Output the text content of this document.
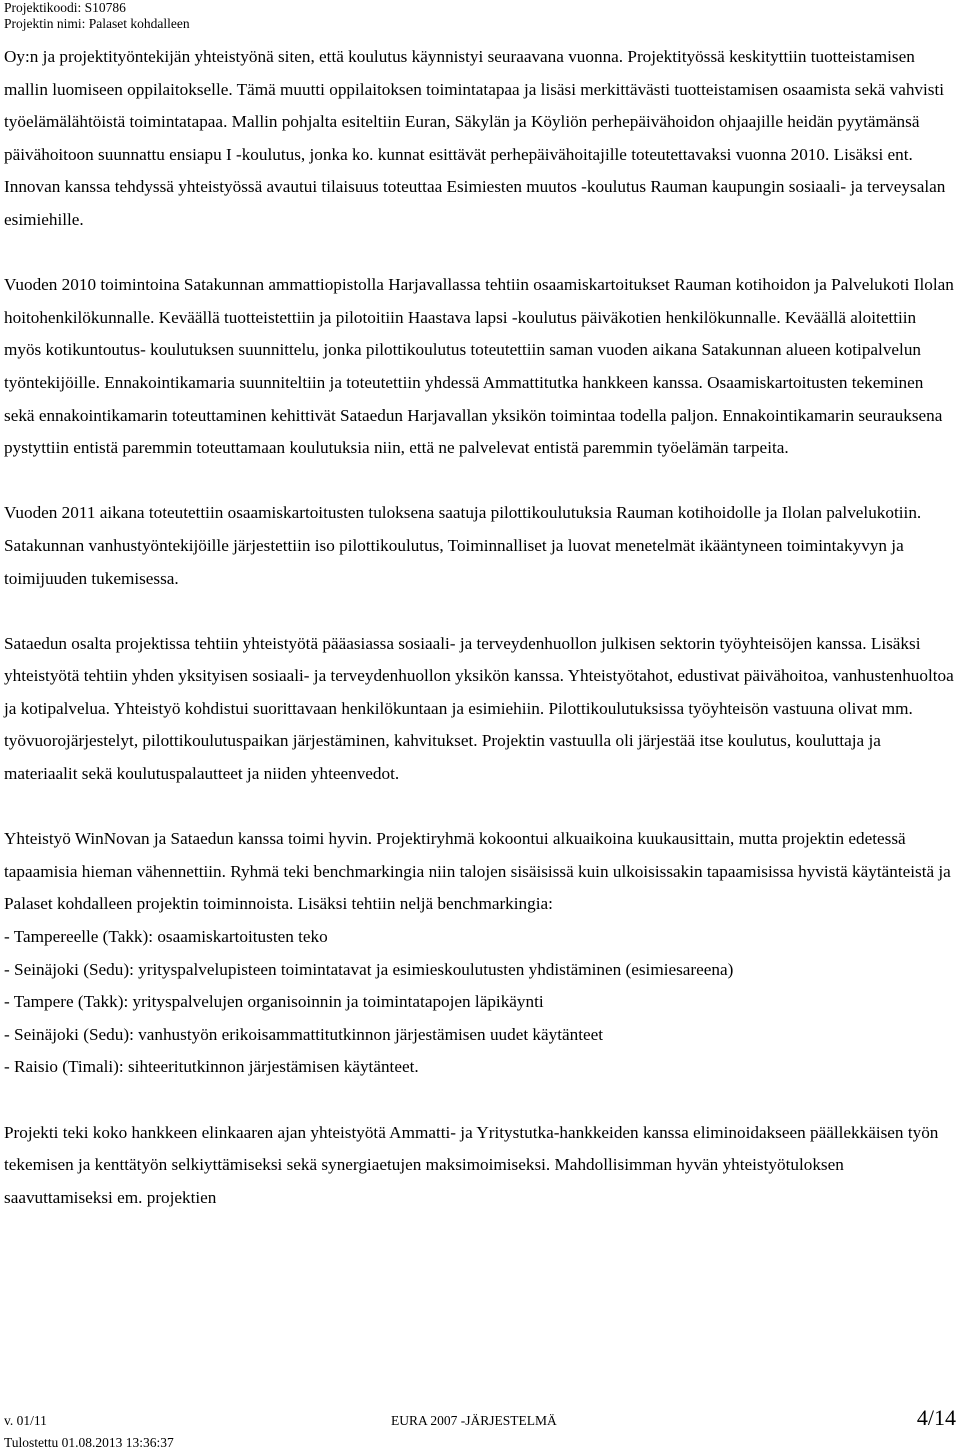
Projektikoodi: S10786
Projektin nimi: Palaset kohdalleen

Oy:n ja projektityöntekijän yhteistyönä siten, että koulutus käynnistyi seuraavana vuonna. Projektityössä keskityttiin tuotteistamisen mallin luomiseen oppilaitokselle. Tämä muutti oppilaitoksen toimintatapaa ja lisäsi merkittävästi tuotteistamisen osaamista sekä vahvisti työelämälähtöistä toimintatapaa. Mallin pohjalta esiteltiin Euran, Säkylän ja Köyliön perhepäivähoidon ohjaajille heidän pyytämänsä päivähoitoon suunnattu ensiapu I -koulutus, jonka ko. kunnat esittävät perhepäivähoitajille toteutettavaksi vuonna 2010. Lisäksi ent. Innovan kanssa tehdyssä yhteistyössä avautui tilaisuus toteuttaa Esimiesten muutos -koulutus Rauman kaupungin sosiaali- ja terveysalan esimiehille.

Vuoden 2010 toimintoina Satakunnan ammattiopistolla Harjavallassa tehtiin osaamiskartoitukset Rauman kotihoidon ja Palvelukoti Ilolan hoitohenkilökunnalle. Keväällä tuotteistettiin ja pilotoitiin Haastava lapsi -koulutus päiväkotien henkilökunnalle. Keväällä aloitettiin myös kotikuntoutus- koulutuksen suunnittelu, jonka pilottikoulutus toteutettiin saman vuoden aikana Satakunnan alueen kotipalvelun työntekijöille. Ennakointikamaria suunniteltiin ja toteutettiin yhdessä Ammattitutka hankkeen kanssa. Osaamiskartoitusten tekeminen sekä ennakointikamarin toteuttaminen kehittivät Sataedun Harjavallan yksikön toimintaa todella paljon. Ennakointikamarin seurauksena pystyttiin entistä paremmin toteuttamaan koulutuksia niin, että ne palvelevat entistä paremmin työelämän tarpeita.

Vuoden 2011 aikana toteutettiin osaamiskartoitusten tuloksena saatuja pilottikoulutuksia Rauman kotihoidolle ja Ilolan palvelukotiin. Satakunnan vanhustyöntekijöille järjestettiin iso pilottikoulutus, Toiminnalliset ja luovat menetelmät ikääntyneen toimintakyvyn ja toimijuuden tukemisessa.

Sataedun osalta projektissa tehtiin yhteistyötä pääasiassa sosiaali- ja terveydenhuollon julkisen sektorin työyhteisöjen kanssa. Lisäksi yhteistyötä tehtiin yhden yksityisen sosiaali- ja terveydenhuollon yksikön kanssa. Yhteistyötahot, edustivat päivähoitoa, vanhustenhuoltoa ja kotipalvelua. Yhteistyö kohdistui suorittavaan henkilökuntaan ja esimiehiin. Pilottikoulutuksissa työyhteisön vastuuna olivat mm. työvuorojärjestelyt, pilottikoulutuspaikan järjestäminen, kahvitukset. Projektin vastuulla oli järjestää itse koulutus, kouluttaja ja materiaalit sekä koulutuspalautteet ja niiden yhteenvedot.

Yhteistyö WinNovan ja Sataedun kanssa toimi hyvin. Projektiryhmä kokoontui alkuaikoina kuukausittain, mutta projektin edetessä tapaamisia hieman vähennettiin. Ryhmä teki benchmarkingia niin talojen sisäisissä kuin ulkoisissakin tapaamisissa hyvistä käytänteistä ja Palaset kohdalleen projektin toiminnoista. Lisäksi tehtiin neljä benchmarkingia:

- Tampereelle (Takk): osaamiskartoitusten teko

- Seinäjoki (Sedu): yrityspalvelupisteen toimintatavat ja esimieskoulutusten yhdistäminen (esimiesareena)

- Tampere (Takk): yrityspalvelujen organisoinnin ja toimintatapojen läpikäynti

- Seinäjoki (Sedu): vanhustyön erikoisammattitutkinnon järjestämisen uudet käytänteet

- Raisio (Timali): sihteeritutkinnon järjestämisen käytänteet.

Projekti teki koko hankkeen elinkaaren ajan yhteistyötä Ammatti- ja Yritystutka-hankkeiden kanssa eliminoidakseen päällekkäisen työn tekemisen ja kenttätyön selkiyttämiseksi sekä synergiaetujen maksimoimiseksi. Mahdollisimman hyvän yhteistyötuloksen saavuttamiseksi em. projektien

v. 01/11
Tulostettu 01.08.2013 13:36:37
EURA 2007 -JÄRJESTELMÄ	4/14
